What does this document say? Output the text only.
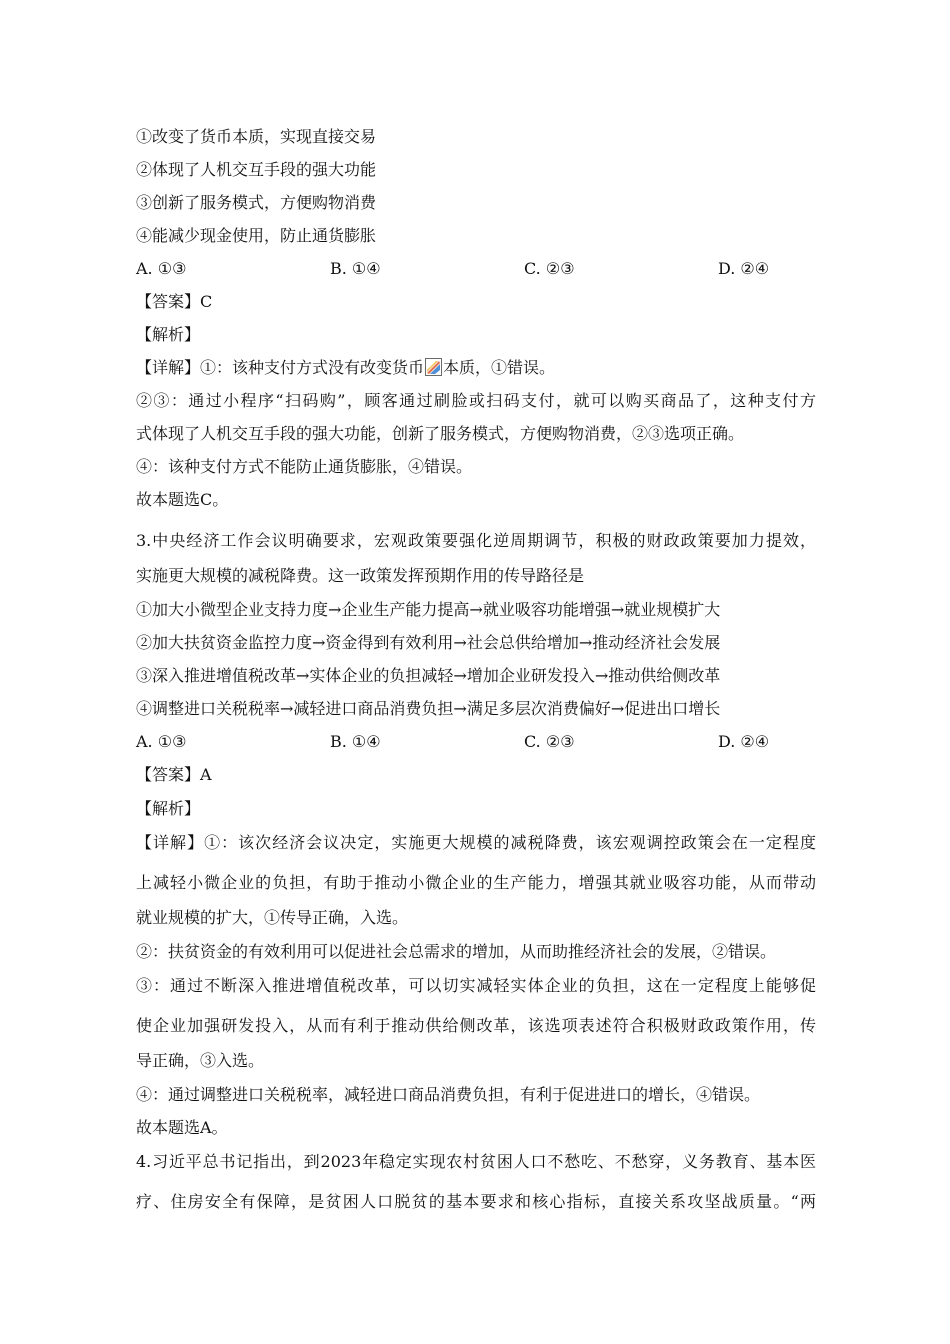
①改变了货币本质，实现直接交易
②体现了人机交互手段的强大功能
③创新了服务模式，方便购物消费
④能减少现金使用，防止通货膨胀
A. ①③	B. ①④	C. ②③	D. ②④
【答案】C
【解析】
【详解】①：该种支付方式没有改变货币 本质，①错误。
②③：通过小程序“扫码购”，顾客通过刷脸或扫码支付，就可以购买商品了，这种支付方
式体现了人机交互手段的强大功能，创新了服务模式，方便购物消费，②③选项正确。
④：该种支付方式不能防止通货膨胀，④错误。
故本题选C。
3.中央经济工作会议明确要求，宏观政策要强化逆周期调节，积极的财政政策要加力提效，
实施更大规模的减税降费。这一政策发挥预期作用的传导路径是
①加大小微型企业支持力度→企业生产能力提高→就业吸容功能增强→就业规模扩大
②加大扶贫资金监控力度→资金得到有效利用→社会总供给增加→推动经济社会发展
③深入推进增值税改革→实体企业的负担减轻→增加企业研发投入→推动供给侧改革
④调整进口关税税率→减轻进口商品消费负担→满足多层次消费偏好→促进出口增长
A. ①③	B. ①④	C. ②③	D. ②④
【答案】A
【解析】
【详解】①：该次经济会议决定，实施更大规模的减税降费，该宏观调控政策会在一定程度
上减轻小微企业的负担，有助于推动小微企业的生产能力，增强其就业吸容功能，从而带动
就业规模的扩大，①传导正确，入选。
②：扶贫资金的有效利用可以促进社会总需求的增加，从而助推经济社会的发展，②错误。
③：通过不断深入推进增值税改革，可以切实减轻实体企业的负担，这在一定程度上能够促
使企业加强研发投入，从而有利于推动供给侧改革，该选项表述符合积极财政政策作用，传
导正确，③入选。
④：通过调整进口关税税率，减轻进口商品消费负担，有利于促进进口的增长，④错误。
故本题选A。
4.习近平总书记指出，到2023年稳定实现农村贫困人口不愁吃、不愁穿，义务教育、基本医
疗、住房安全有保障，是贫困人口脱贫的基本要求和核心指标，直接关系攻坚战质量。“两
